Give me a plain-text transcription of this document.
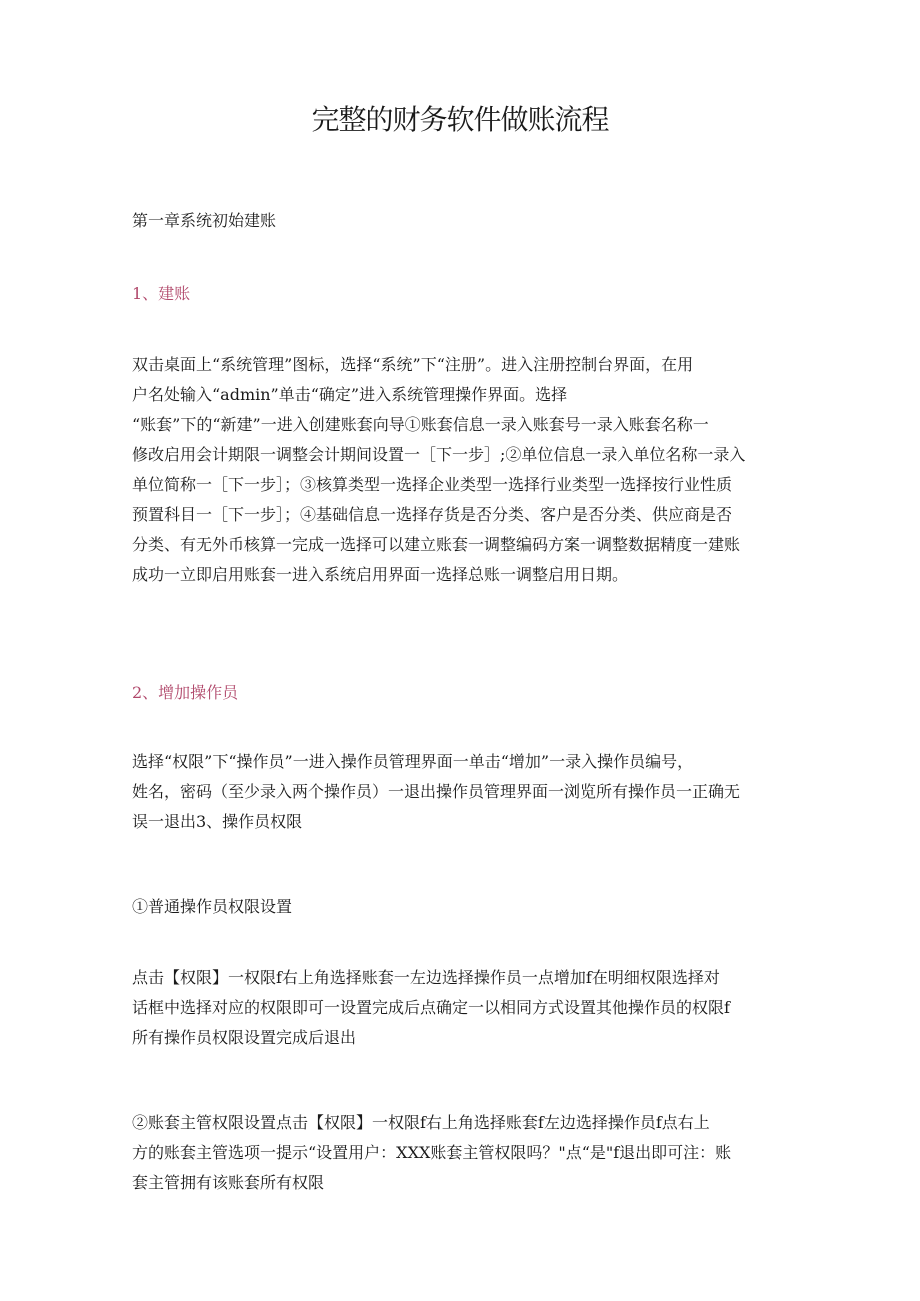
完整的财务软件做账流程

第一章系统初始建账

1、建账

双击桌面上“系统管理”图标，选择“系统”下“注册”。进入注册控制台界面，在用
户名处输入“admin”单击“确定”进入系统管理操作界面。选择
“账套”下的“新建”一进入创建账套向导①账套信息一录入账套号一录入账套名称一
修改启用会计期限一调整会计期间设置一［下一步］;②单位信息一录入单位名称一录入
单位简称一［下一步］；③核算类型一选择企业类型一选择行业类型一选择按行业性质
预置科目一［下一步］；④基础信息一选择存货是否分类、客户是否分类、供应商是否
分类、有无外币核算一完成一选择可以建立账套一调整编码方案一调整数据精度一建账
成功一立即启用账套一进入系统启用界面一选择总账一调整启用日期。

2、增加操作员

选择“权限”下“操作员”一进入操作员管理界面一单击“增加”一录入操作员编号，
姓名，密码（至少录入两个操作员）一退出操作员管理界面一浏览所有操作员一正确无
误一退出3、操作员权限

①普通操作员权限设置

点击【权限】一权限f右上角选择账套一左边选择操作员一点增加f在明细权限选择对
话框中选择对应的权限即可一设置完成后点确定一以相同方式设置其他操作员的权限f
所有操作员权限设置完成后退出
②账套主管权限设置点击【权限】一权限f右上角选择账套f左边选择操作员f点右上
方的账套主管选项一提示“设置用户：XXX账套主管权限吗？"点“是"f退出即可注：账
套主管拥有该账套所有权限
